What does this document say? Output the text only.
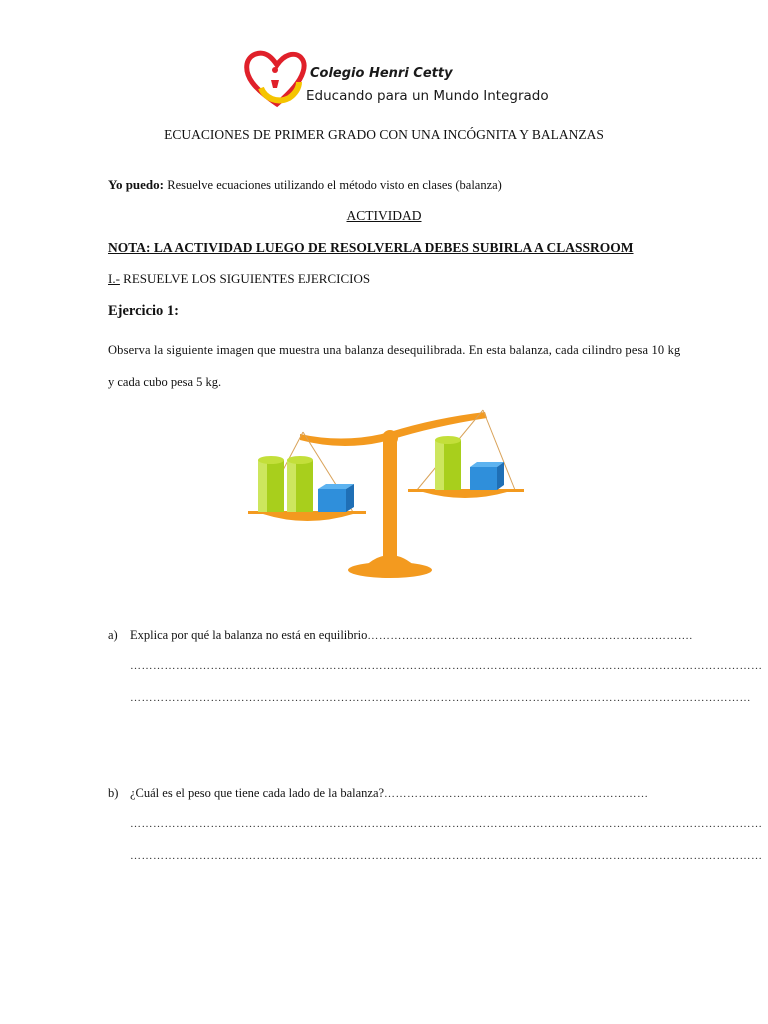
Colegio Henri Cetty
Educando para un Mundo Integrado
ECUACIONES DE PRIMER GRADO CON UNA INCÓGNITA Y BALANZAS
Yo puedo: Resuelve ecuaciones utilizando el método visto en clases (balanza)
ACTIVIDAD
NOTA: LA ACTIVIDAD LUEGO DE RESOLVERLA DEBES SUBIRLA A CLASSROOM
I.- RESUELVE LOS SIGUIENTES EJERCICIOS
Ejercicio 1:
Observa la siguiente imagen que muestra una balanza desequilibrada. En esta balanza, cada cilindro pesa 10 kg
y cada cubo pesa 5 kg.
a) Explica por qué la balanza no está en equilibrio………………………………………………………………………….
…………………………………………………………………………………………………………………………………………………
………………………………………………………………………………………………………………………………………………
b) ¿Cuál es el peso que tiene cada lado de la balanza?……………………………………………………………
…………………………………………………………………………………………………………………………………………………
…………………………………………………………………………………………………………………………………………………
